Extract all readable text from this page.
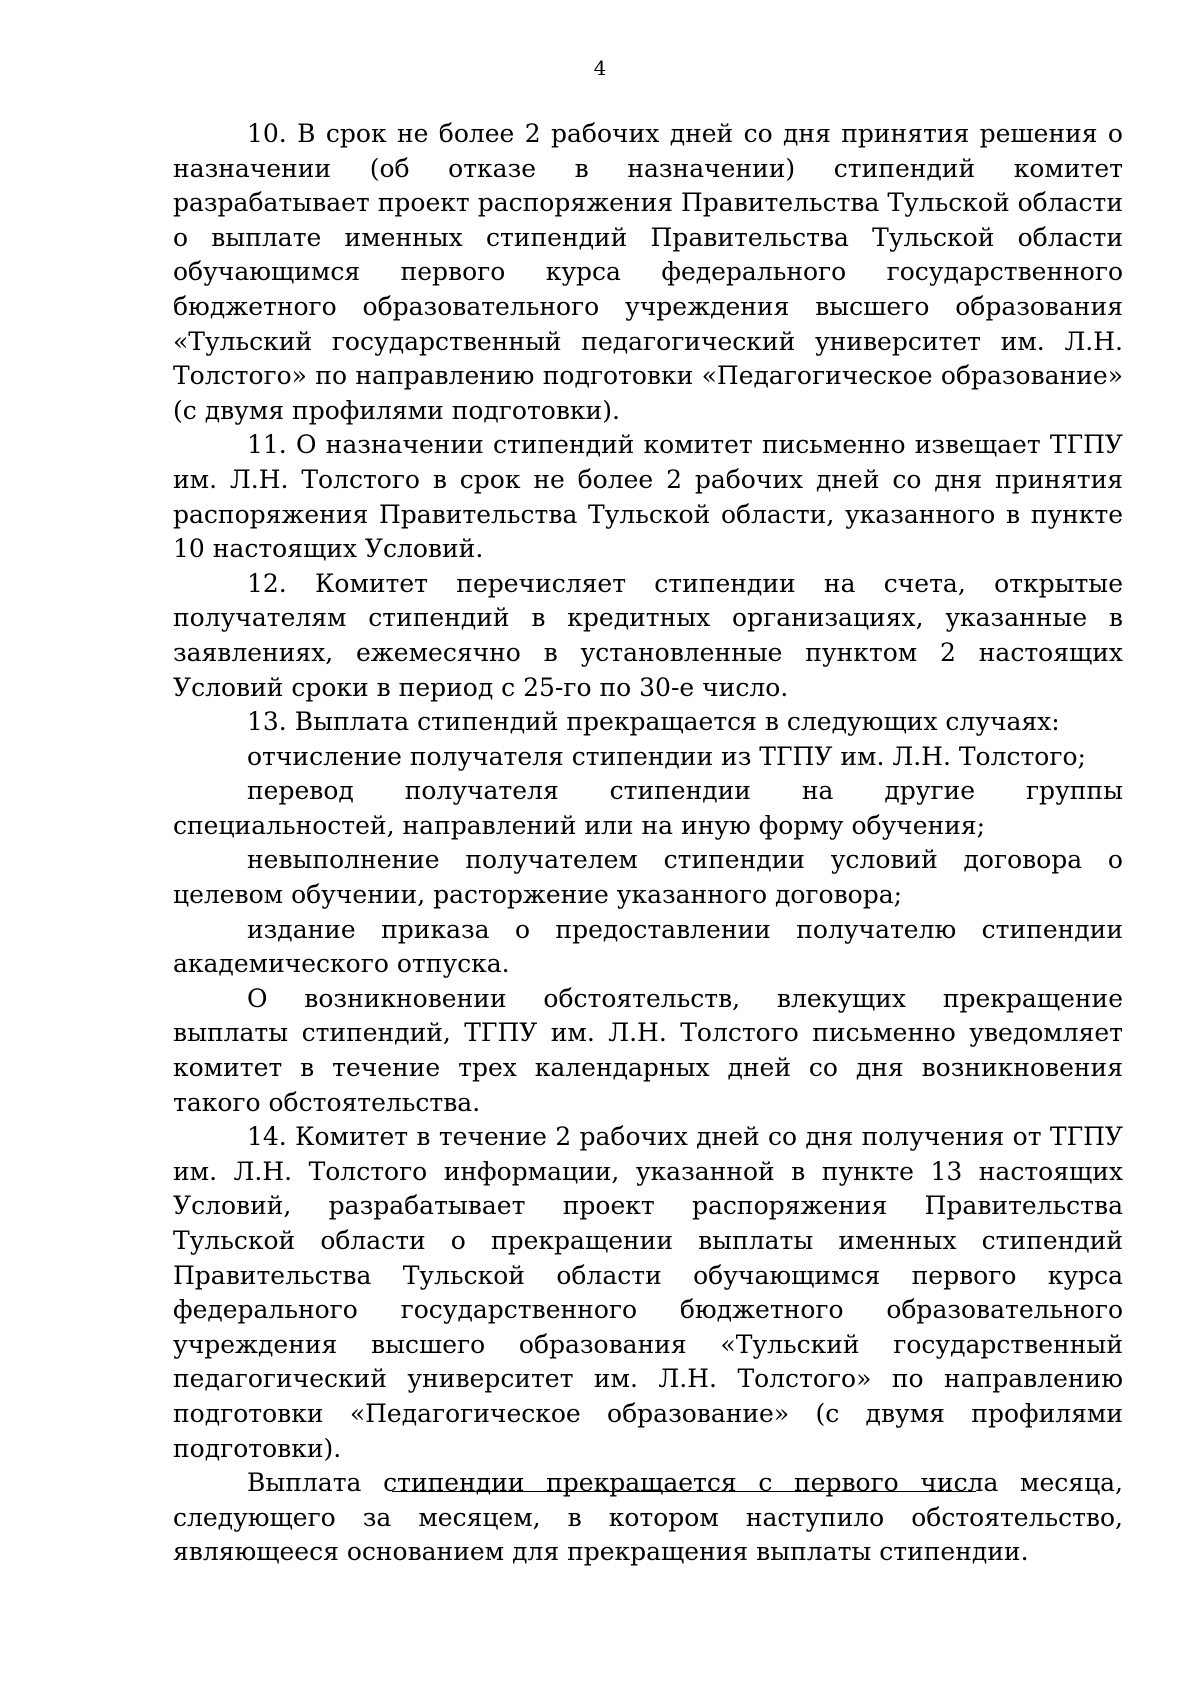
4

10. В срок не более 2 рабочих дней со дня принятия решения о назначении (об отказе в назначении) стипендий комитет разрабатывает проект распоряжения Правительства Тульской области о выплате именных стипендий Правительства Тульской области обучающимся первого курса федерального государственного бюджетного образовательного учреждения высшего образования «Тульский государственный педагогический университет им. Л.Н. Толстого» по направлению подготовки «Педагогическое образование» (с двумя профилями подготовки).

11. О назначении стипендий комитет письменно извещает ТГПУ им. Л.Н. Толстого в срок не более 2 рабочих дней со дня принятия распоряжения Правительства Тульской области, указанного в пункте 10 настоящих Условий.

12. Комитет перечисляет стипендии на счета, открытые получателям стипендий в кредитных организациях, указанные в заявлениях, ежемесячно в установленные пунктом 2 настоящих Условий сроки в период с 25-го по 30-е число.

13. Выплата стипендий прекращается в следующих случаях:

отчисление получателя стипендии из ТГПУ им. Л.Н. Толстого;

перевод получателя стипендии на другие группы специальностей, направлений или на иную форму обучения;

невыполнение получателем стипендии условий договора о целевом обучении, расторжение указанного договора;

издание приказа о предоставлении получателю стипендии академического отпуска.

О возникновении обстоятельств, влекущих прекращение выплаты стипендий, ТГПУ им. Л.Н. Толстого письменно уведомляет комитет в течение трех календарных дней со дня возникновения такого обстоятельства.

14. Комитет в течение 2 рабочих дней со дня получения от ТГПУ им. Л.Н. Толстого информации, указанной в пункте 13 настоящих Условий, разрабатывает проект распоряжения Правительства Тульской области о прекращении выплаты именных стипендий Правительства Тульской области обучающимся первого курса федерального государственного бюджетного образовательного учреждения высшего образования «Тульский государственный педагогический университет им. Л.Н. Толстого» по направлению подготовки «Педагогическое образование» (с двумя профилями подготовки).

Выплата стипендии прекращается с первого числа месяца, следующего за месяцем, в котором наступило обстоятельство, являющееся основанием для прекращения выплаты стипендии.
